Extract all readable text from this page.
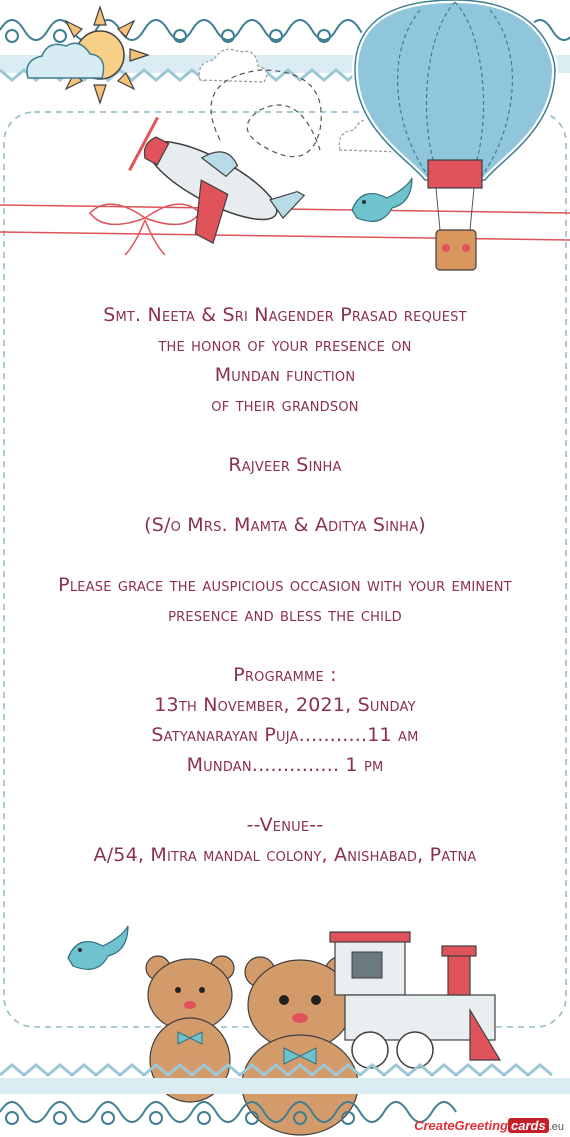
Smt. Neeta & Sri Nagender Prasad request
the honor of your presence on
Mundan function
of their grandson
Rajveer Sinha
(S/o Mrs. Mamta & Aditya Sinha)
Please grace the auspicious occasion with your eminent
presence and bless the child
Programme :
13th November, 2021, Sunday
Satyanarayan Puja...........11 am
Mundan.............. 1 pm
--Venue--
A/54, Mitra mandal colony, Anishabad, Patna
CreateGreeting cards .eu
